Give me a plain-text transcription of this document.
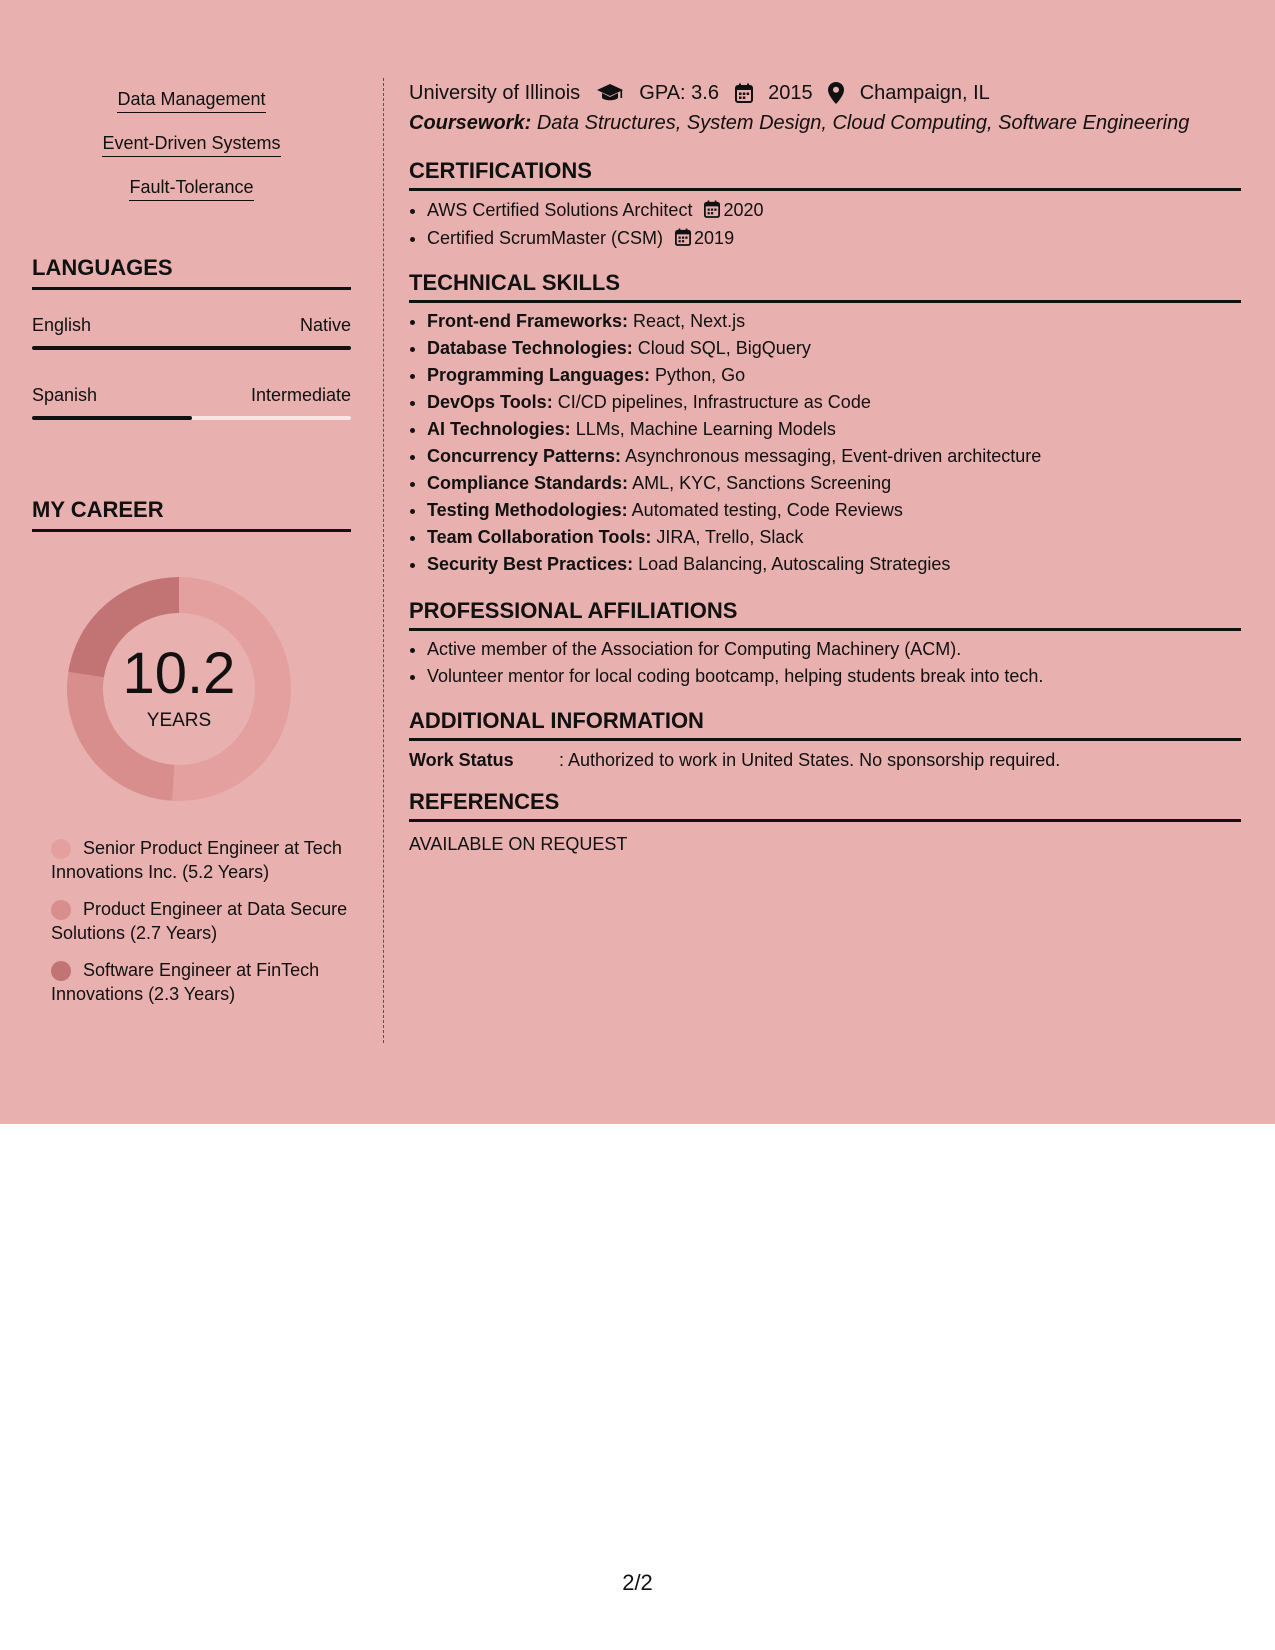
Data Management
Event-Driven Systems
Fault-Tolerance
LANGUAGES
English	Native
Spanish	Intermediate
MY CAREER
10.2
YEARS
Senior Product Engineer at Tech Innovations Inc. (5.2 Years)
Product Engineer at Data Secure Solutions (2.7 Years)
Software Engineer at FinTech Innovations (2.3 Years)
University of Illinois	GPA: 3.6 2015 Champaign, IL
Coursework: Data Structures, System Design, Cloud Computing, Software Engineering
CERTIFICATIONS
• AWS Certified Solutions Architect 2020
• Certified ScrumMaster (CSM) 2019
TECHNICAL SKILLS
• Front-end Frameworks: React, Next.js
• Database Technologies: Cloud SQL, BigQuery
• Programming Languages: Python, Go
• DevOps Tools: CI/CD pipelines, Infrastructure as Code
• AI Technologies: LLMs, Machine Learning Models
• Concurrency Patterns: Asynchronous messaging, Event-driven architecture
• Compliance Standards: AML, KYC, Sanctions Screening
• Testing Methodologies: Automated testing, Code Reviews
• Team Collaboration Tools: JIRA, Trello, Slack
• Security Best Practices: Load Balancing, Autoscaling Strategies
PROFESSIONAL AFFILIATIONS
• Active member of the Association for Computing Machinery (ACM).
• Volunteer mentor for local coding bootcamp, helping students break into tech.
ADDITIONAL INFORMATION
Work Status	: Authorized to work in United States. No sponsorship required.
REFERENCES
AVAILABLE ON REQUEST
2/2
